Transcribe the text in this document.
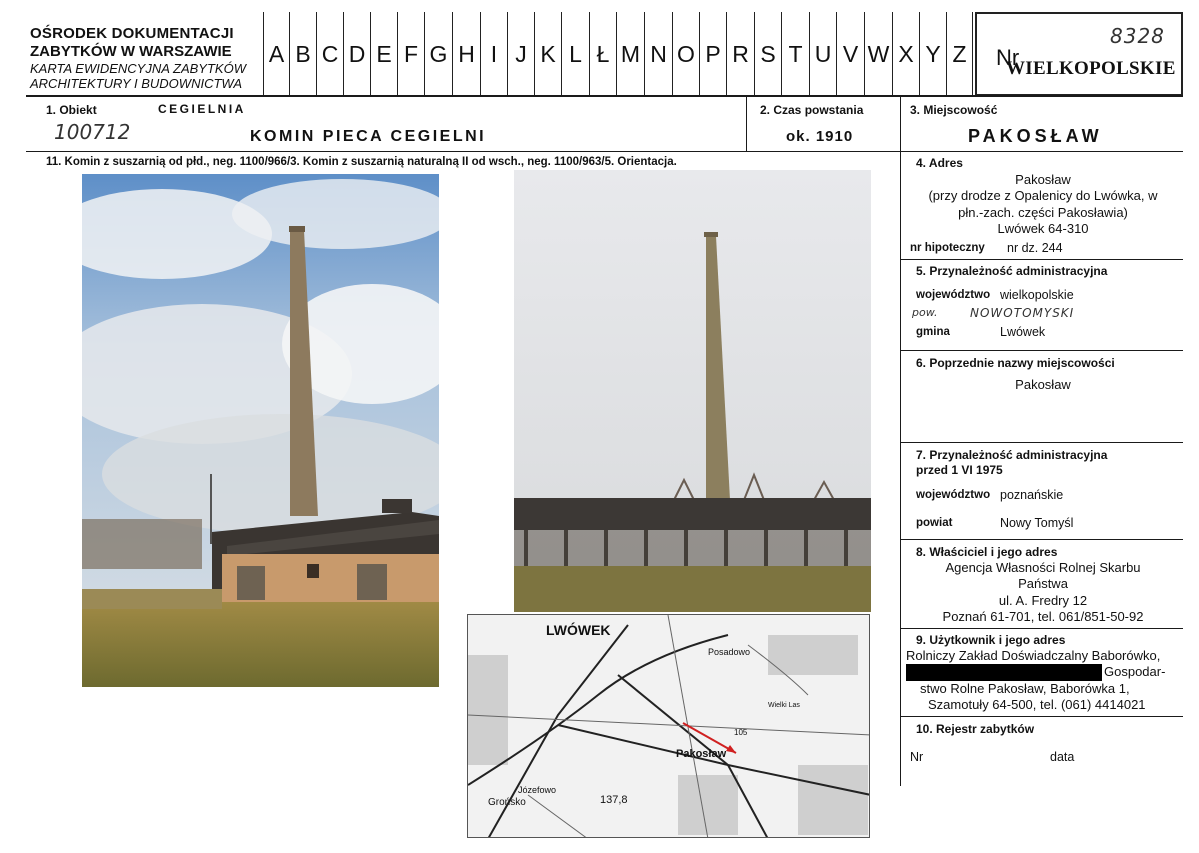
OŚRODEK DOKUMENTACJI
ZABYTKÓW W WARSZAWIE
KARTA EWIDENCYJNA ZABYTKÓW
ARCHITEKTURY I BUDOWNICTWA
A B C D E F G H I J K L Ł M N O P R S T U V W X Y Z Nr
WIELKOPOLSKIE
8328
1. Obiekt	CEGIELNIA
100712	KOMIN PIECA CEGIELNI
2. Czas powstania
ok. 1910
3. Miejscowość
PAKOSŁAW
11. Komin z suszarnią od płd., neg. 1100/966/3. Komin z suszarnią naturalną II od wsch., neg. 1100/963/5. Orientacja.
LWÓWEK
Posadowo
Pakosław
Józefowo
Grońsko	137,8
105
Wielki Las
4. Adres
Pakosław
(przy drodze z Opalenicy do Lwówka, w
płn.-zach. części Pakosławia)
Lwówek 64-310
nr hipoteczny nr dz. 244
5. Przynależność administracyjna
województwo wielkopolskie
pow.	NOWOTOMYSKI
gmina	Lwówek
6. Poprzednie nazwy miejscowości
Pakosław
7. Przynależność administracyjna
przed 1 VI 1975
województwo poznańskie
powiat	Nowy Tomyśl
8. Właściciel i jego adres
Agencja Własności Rolnej Skarbu
Państwa
ul. A. Fredry 12
Poznań 61-701, tel. 061/851-50-92
9. Użytkownik i jego adres
Rolniczy Zakład Doświadczalny Baborówko,
Gospodar-
stwo Rolne Pakosław, Baborówka 1,
Szamotuły 64-500, tel. (061) 4414021
10. Rejestr zabytków
Nr	data
